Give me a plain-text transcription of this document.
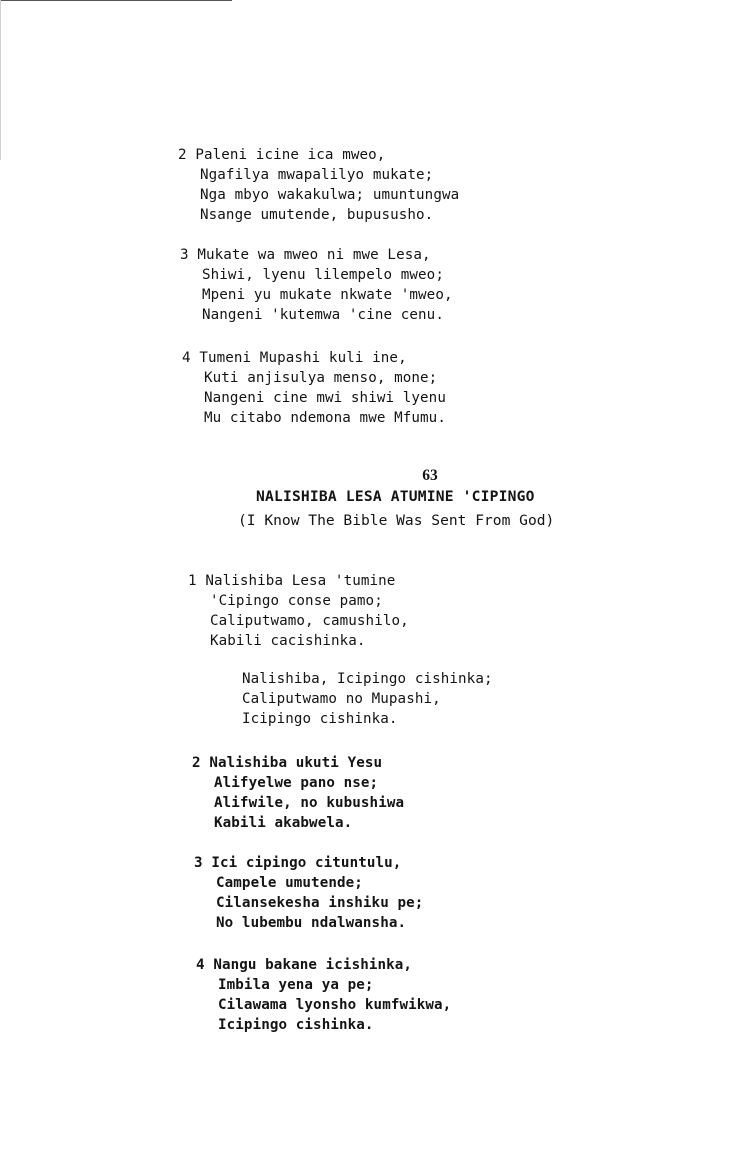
2 Paleni icine ica mweo,
Ngafilya mwapalilyo mukate;
Nga mbyo wakakulwa; umuntungwa
Nsange umutende, bupususho.
3 Mukate wa mweo ni mwe Lesa,
Shiwi, lyenu lilempelo mweo;
Mpeni yu mukate nkwate 'mweo,
Nangeni 'kutemwa 'cine cenu.
4 Tumeni Mupashi kuli ine,
Kuti anjisulya menso, mone;
Nangeni cine mwi shiwi lyenu
Mu citabo ndemona mwe Mfumu.
63
NALISHIBA LESA ATUMINE 'CIPINGO
(I Know The Bible Was Sent From God)
1 Nalishiba Lesa 'tumine
'Cipingo conse pamo;
Caliputwamo, camushilo,
Kabili cacishinka.
Nalishiba, Icipingo cishinka;
Caliputwamo no Mupashi,
Icipingo cishinka.
2 Nalishiba ukuti Yesu
Alifyelwe pano nse;
Alifwile, no kubushiwa
Kabili akabwela.
3 Ici cipingo cituntulu,
Campele umutende;
Cilansekesha inshiku pe;
No lubembu ndalwansha.
4 Nangu bakane icishinka,
Imbila yena ya pe;
Cilawama lyonsho kumfwikwa,
Icipingo cishinka.
